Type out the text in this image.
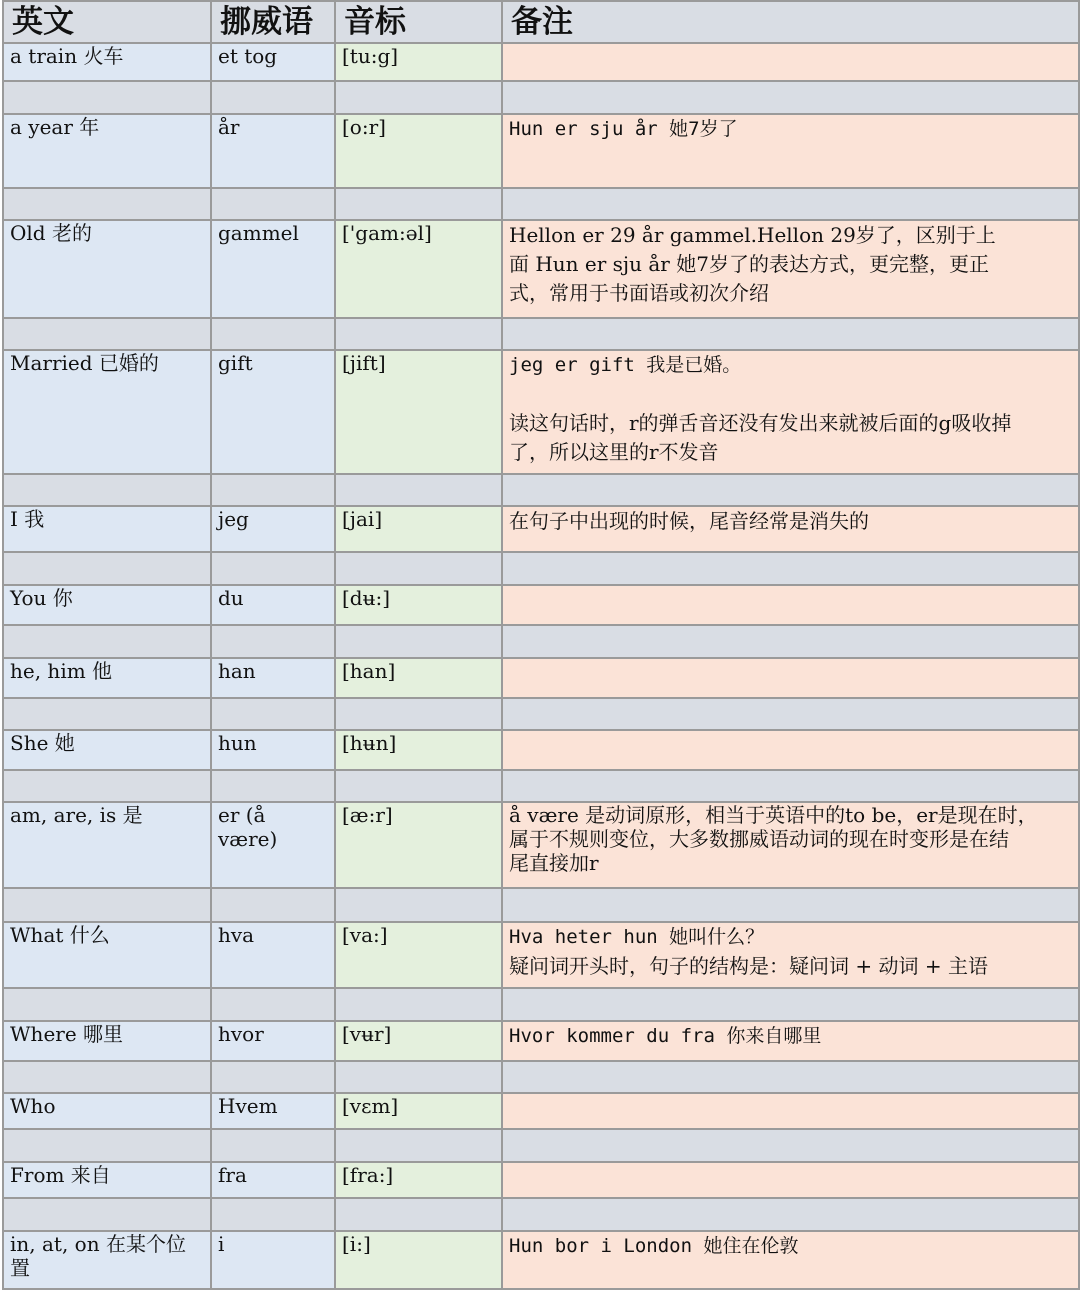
英文	挪威语	音标	备注
a train 火车	et tog	[tu:g]	

a year 年	år	[o:r]	Hun er sju år 她7岁了

Old 老的	gammel	['gam:əl]	Hellon er 29 år gammel.Hellon 29岁了，区别于上
面 Hun er sju år 她7岁了的表达方式，更完整，更正
式，常用于书面语或初次介绍

Married 已婚的	gift	[jift]	jeg er gift 我是已婚。
读这句话时，r的弹舌音还没有发出来就被后面的g吸收掉
了，所以这里的r不发音

I 我	jeg	[jai]	在句子中出现的时候，尾音经常是消失的

You 你	du	[dʉ:]	

he, him 他	han	[han]	

She 她	hun	[hʉn]	

am, are, is 是	er (å være)	[æ:r]	å være 是动词原形，相当于英语中的to be，er是现在时，
属于不规则变位，大多数挪威语动词的现在时变形是在结
尾直接加r

What 什么	hva	[va:]	Hva heter hun 她叫什么？
疑问词开头时，句子的结构是：疑问词 + 动词 + 主语

Where 哪里	hvor	[vʉr]	Hvor kommer du fra 你来自哪里

Who	Hvem	[vɛm]	

From 来自	fra	[fra:]	

in, at, on 在某个位置	i	[i:]	Hun bor i London 她住在伦敦
